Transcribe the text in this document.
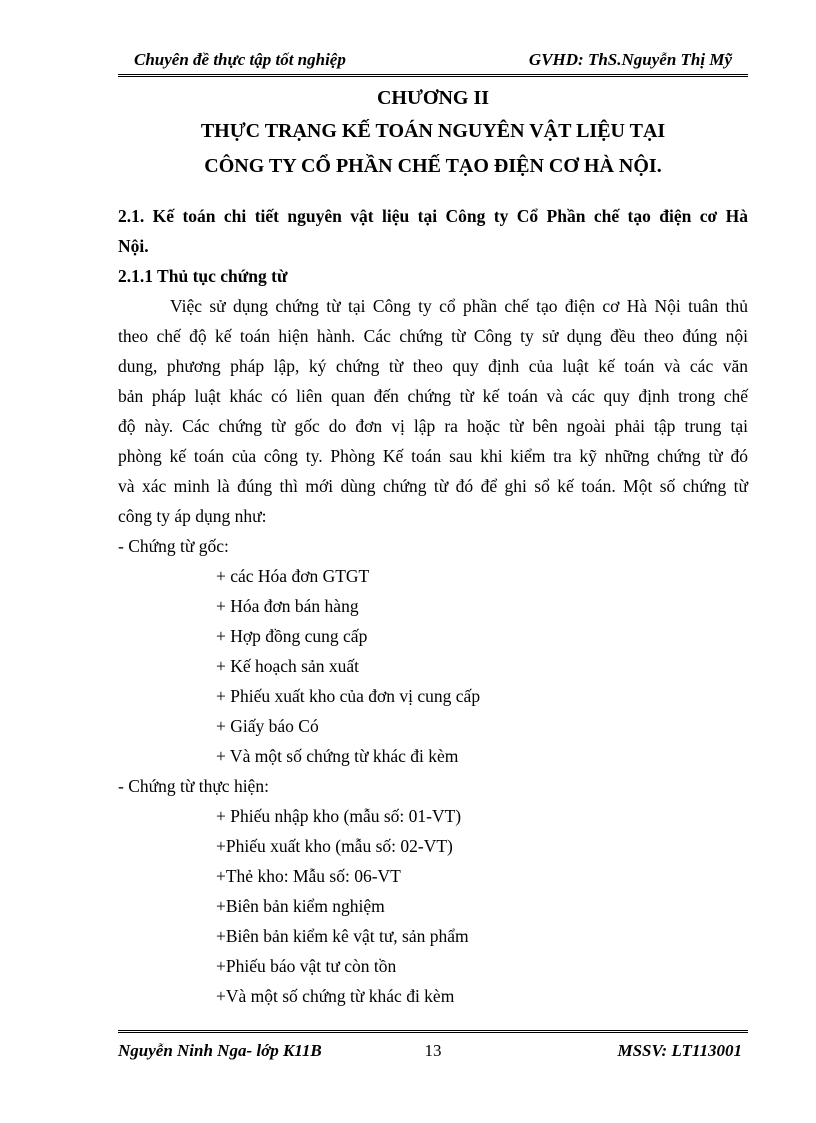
Chuyên đề thực tập tốt nghiệp	GVHD: ThS.Nguyễn Thị Mỹ
CHƯƠNG II
THỰC TRẠNG KẾ TOÁN NGUYÊN VẬT LIỆU TẠI
CÔNG TY CỔ PHẦN CHẾ TẠO ĐIỆN CƠ HÀ NỘI.
2.1. Kế toán chi tiết nguyên vật liệu tại Công ty Cổ Phần chế tạo điện cơ Hà
Nội.
2.1.1 Thủ tục chứng từ
Việc sử dụng chứng từ tại Công ty cổ phần chế tạo điện cơ Hà Nội tuân thủ
theo chế độ kế toán hiện hành. Các chứng từ Công ty sử dụng đều theo đúng nội
dung, phương pháp lập, ký chứng từ theo quy định của luật kế toán và các văn
bản pháp luật khác có liên quan đến chứng từ kế toán và các quy định trong chế
độ này. Các chứng từ gốc do đơn vị lập ra hoặc từ bên ngoài phải tập trung tại
phòng kế toán của công ty. Phòng Kế toán sau khi kiểm tra kỹ những chứng từ đó
và xác minh là đúng thì mới dùng chứng từ đó để ghi sổ kế toán. Một số chứng từ
công ty áp dụng như:
- Chứng từ gốc:
+ các Hóa đơn GTGT
+ Hóa đơn bán hàng
+ Hợp đồng cung cấp
+ Kế hoạch sản xuất
+ Phiếu xuất kho của đơn vị cung cấp
+ Giấy báo Có
+ Và một số chứng từ khác đi kèm
- Chứng từ thực hiện:
+ Phiếu nhập kho (mẫu số: 01-VT)
+Phiếu xuất kho (mẫu số: 02-VT)
+Thẻ kho: Mẫu số: 06-VT
+Biên bản kiểm nghiệm
+Biên bản kiểm kê vật tư, sản phẩm
+Phiếu báo vật tư còn tồn
+Và một số chứng từ khác đi kèm
Nguyễn Ninh Nga- lớp K11B	13	MSSV: LT113001
